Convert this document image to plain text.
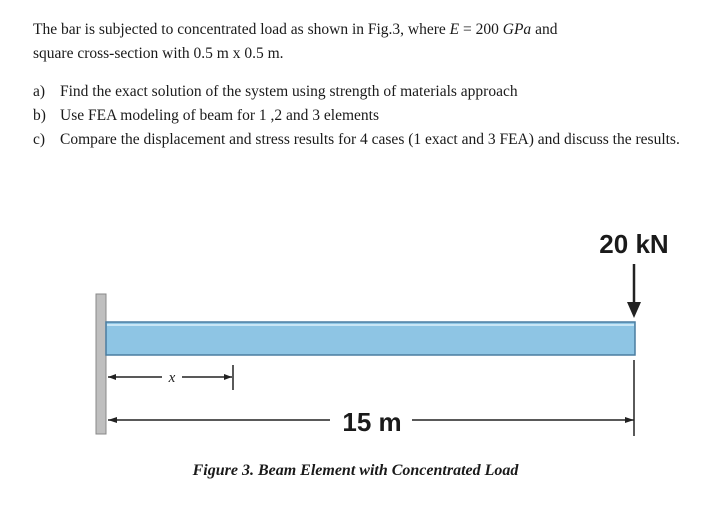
The bar is subjected to concentrated load as shown in Fig.3, where E = 200 GPa and

square cross-section with 0.5 m x 0.5 m.

a) Find the exact solution of the system using strength of materials approach
b) Use FEA modeling of beam for 1 ,2 and 3 elements
c) Compare the displacement and stress results for 4 cases (1 exact and 3 FEA) and discuss the results.
20 kN
x
15 m
Figure 3. Beam Element with Concentrated Load
